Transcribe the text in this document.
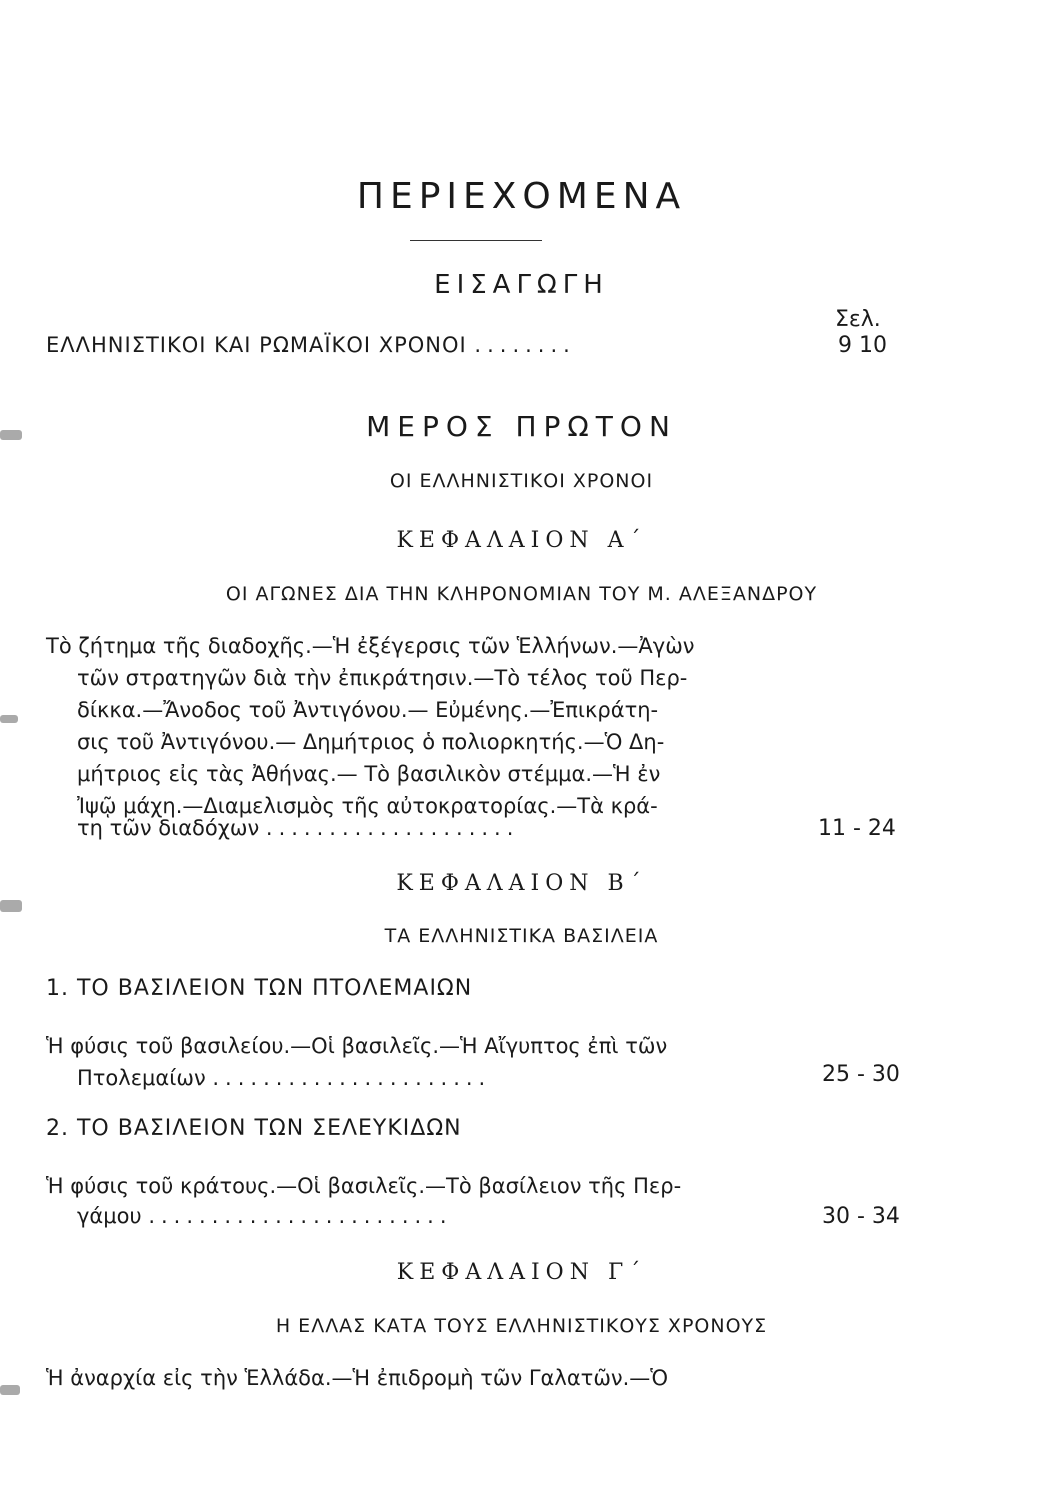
ΠΕΡΙΕΧΟΜΕΝΑ
ΕΙΣΑΓΩΓΗ
Σελ.
ΕΛΛΗΝΙΣΤΙΚΟΙ ΚΑΙ ΡΩΜΑΪΚΟΙ ΧΡΟΝΟΙ ........	9 10
ΜΕΡΟΣ ΠΡΩΤΟΝ
ΟΙ ΕΛΛΗΝΙΣΤΙΚΟΙ ΧΡΟΝΟΙ
ΚΕΦΑΛΑΙΟΝ Α΄
ΟΙ ΑΓΩΝΕΣ ΔΙΑ ΤΗΝ ΚΛΗΡΟΝΟΜΙΑΝ ΤΟΥ Μ. ΑΛΕΞΑΝΔΡΟΥ
Τὸ ζήτημα τῆς διαδοχῆς.—Ἡ ἐξέγερσις τῶν Ἑλλήνων.—Ἀγὼν
τῶν στρατηγῶν διὰ τὴν ἐπικράτησιν.—Τὸ τέλος τοῦ Περ-
δίκκα.—Ἄνοδος τοῦ Ἀντιγόνου.— Εὐμένης.—Ἐπικράτη-
σις τοῦ Ἀντιγόνου.— Δημήτριος ὁ πολιορκητής.—Ὁ Δη-
μήτριος εἰς τὰς Ἀθήνας.— Τὸ βασιλικὸν στέμμα.—Ἡ ἐν
Ἰψῷ μάχη.—Διαμελισμὸς τῆς αὐτοκρατορίας.—Τὰ κρά-
τη τῶν διαδόχων ....................	11 - 24
ΚΕΦΑΛΑΙΟΝ Β΄
ΤΑ ΕΛΛΗΝΙΣΤΙΚΑ ΒΑΣΙΛΕΙΑ
1. ΤΟ ΒΑΣΙΛΕΙΟΝ ΤΩΝ ΠΤΟΛΕΜΑΙΩΝ
Ἡ φύσις τοῦ βασιλείου.—Οἱ βασιλεῖς.—Ἡ Αἴγυπτος ἐπὶ τῶν
Πτολεμαίων ......................	25 - 30
2. ΤΟ ΒΑΣΙΛΕΙΟΝ ΤΩΝ ΣΕΛΕΥΚΙΔΩΝ
Ἡ φύσις τοῦ κράτους.—Οἱ βασιλεῖς.—Τὸ βασίλειον τῆς Περ-
γάμου ........................	30 - 34
ΚΕΦΑΛΑΙΟΝ Γ΄
Η ΕΛΛΑΣ ΚΑΤΑ ΤΟΥΣ ΕΛΛΗΝΙΣΤΙΚΟΥΣ ΧΡΟΝΟΥΣ
Ἡ ἀναρχία εἰς τὴν Ἑλλάδα.—Ἡ ἐπιδρομὴ τῶν Γαλατῶν.—Ὁ
